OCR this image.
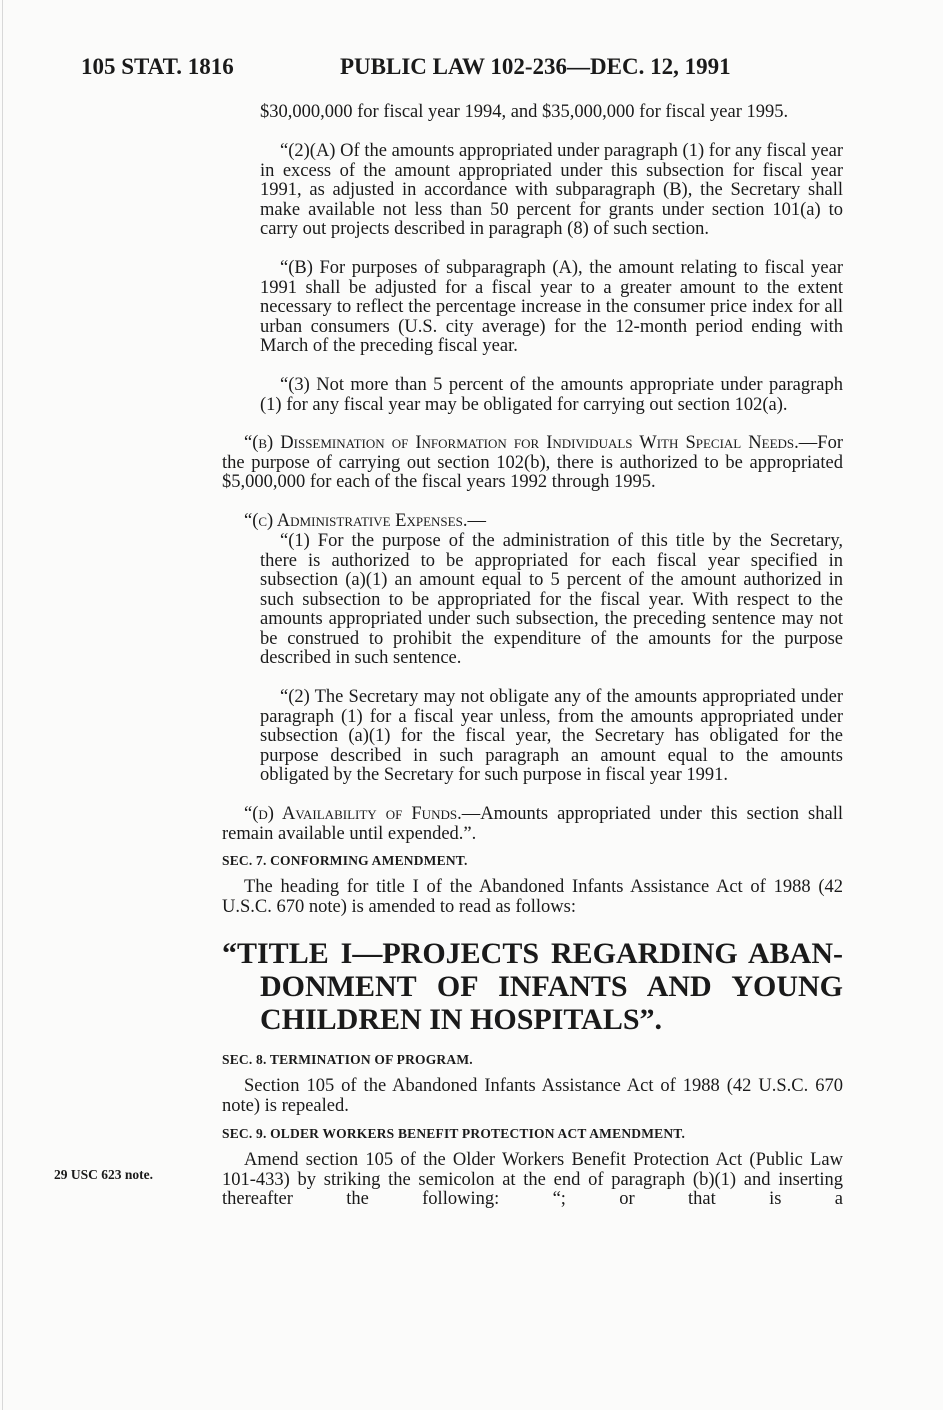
105 STAT. 1816	PUBLIC LAW 102-236—DEC. 12, 1991
$30,000,000 for fiscal year 1994, and $35,000,000 for fiscal year 1995.
“(2)(A) Of the amounts appropriated under paragraph (1) for any fiscal year in excess of the amount appropriated under this subsection for fiscal year 1991, as adjusted in accordance with subparagraph (B), the Secretary shall make available not less than 50 percent for grants under section 101(a) to carry out projects described in paragraph (8) of such section.
“(B) For purposes of subparagraph (A), the amount relating to fiscal year 1991 shall be adjusted for a fiscal year to a greater amount to the extent necessary to reflect the percentage increase in the consumer price index for all urban consumers (U.S. city average) for the 12-month period ending with March of the preceding fiscal year.
“(3) Not more than 5 percent of the amounts appropriate under paragraph (1) for any fiscal year may be obligated for carrying out section 102(a).
“(b) Dissemination of Information for Individuals With Special Needs.—For the purpose of carrying out section 102(b), there is authorized to be appropriated $5,000,000 for each of the fiscal years 1992 through 1995.
“(c) Administrative Expenses.—
“(1) For the purpose of the administration of this title by the Secretary, there is authorized to be appropriated for each fiscal year specified in subsection (a)(1) an amount equal to 5 percent of the amount authorized in such subsection to be appropriated for the fiscal year. With respect to the amounts appropriated under such subsection, the preceding sentence may not be construed to prohibit the expenditure of the amounts for the purpose described in such sentence.
“(2) The Secretary may not obligate any of the amounts appropriated under paragraph (1) for a fiscal year unless, from the amounts appropriated under subsection (a)(1) for the fiscal year, the Secretary has obligated for the purpose described in such paragraph an amount equal to the amounts obligated by the Secretary for such purpose in fiscal year 1991.
“(d) Availability of Funds.—Amounts appropriated under this section shall remain available until expended.”.
SEC. 7. CONFORMING AMENDMENT.
The heading for title I of the Abandoned Infants Assistance Act of 1988 (42 U.S.C. 670 note) is amended to read as follows:
“TITLE I—PROJECTS REGARDING ABAN-
DONMENT OF INFANTS AND YOUNG
CHILDREN IN HOSPITALS”.
SEC. 8. TERMINATION OF PROGRAM.
Section 105 of the Abandoned Infants Assistance Act of 1988 (42 U.S.C. 670 note) is repealed.
SEC. 9. OLDER WORKERS BENEFIT PROTECTION ACT AMENDMENT.
Amend section 105 of the Older Workers Benefit Protection Act (Public Law 101-433) by striking the semicolon at the end of paragraph (b)(1) and inserting thereafter the following: “; or that is a
29 USC 623 note.
